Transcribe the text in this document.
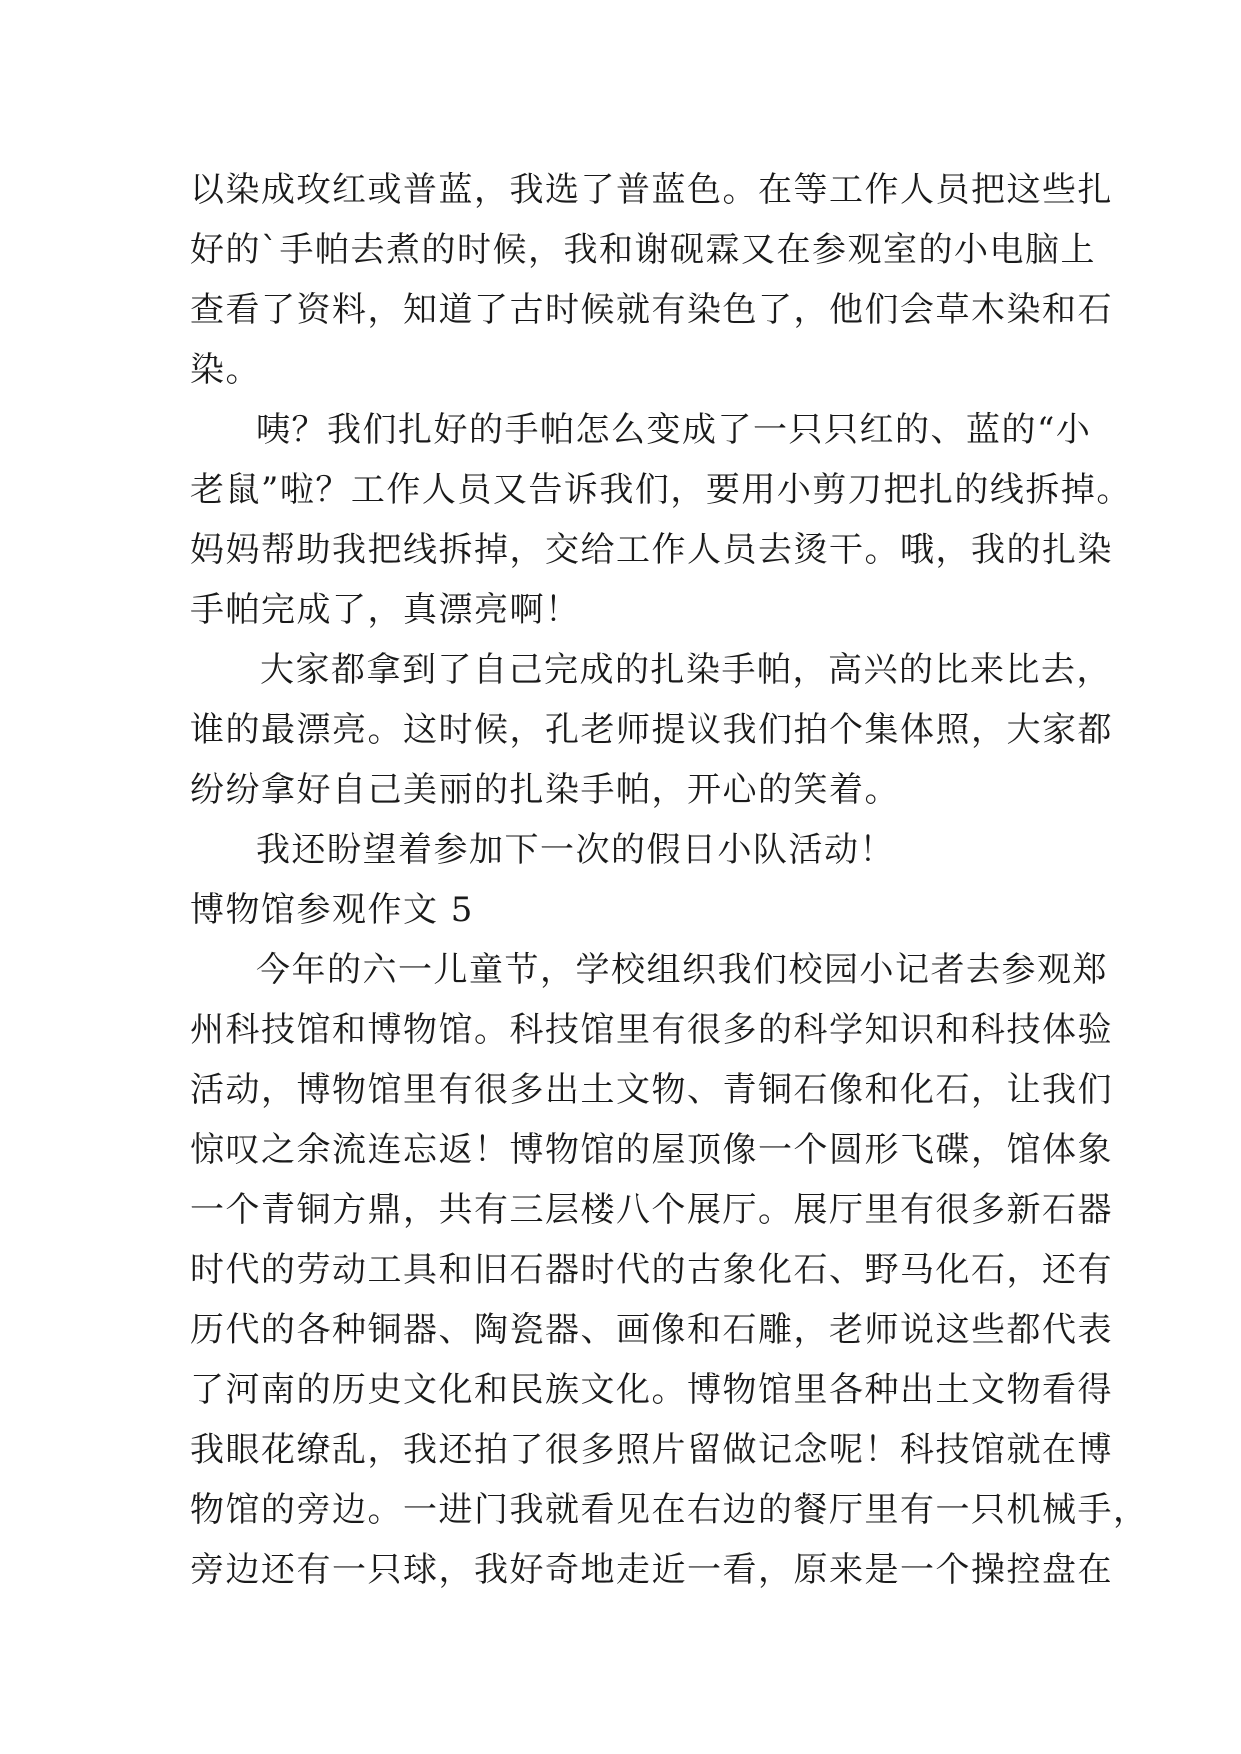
以染成玫红或普蓝，我选了普蓝色。在等工作人员把这些扎
好的`手帕去煮的时候，我和谢砚霖又在参观室的小电脑上
查看了资料，知道了古时候就有染色了，他们会草木染和石
染。
咦？我们扎好的手帕怎么变成了一只只红的、蓝的“小
老鼠”啦？工作人员又告诉我们，要用小剪刀把扎的线拆掉。
妈妈帮助我把线拆掉，交给工作人员去烫干。哦，我的扎染
手帕完成了，真漂亮啊！
大家都拿到了自己完成的扎染手帕，高兴的比来比去，
谁的最漂亮。这时候，孔老师提议我们拍个集体照，大家都
纷纷拿好自己美丽的扎染手帕，开心的笑着。
我还盼望着参加下一次的假日小队活动！
博物馆参观作文 5
今年的六一儿童节，学校组织我们校园小记者去参观郑
州科技馆和博物馆。科技馆里有很多的科学知识和科技体验
活动，博物馆里有很多出土文物、青铜石像和化石，让我们
惊叹之余流连忘返！博物馆的屋顶像一个圆形飞碟，馆体象
一个青铜方鼎，共有三层楼八个展厅。展厅里有很多新石器
时代的劳动工具和旧石器时代的古象化石、野马化石，还有
历代的各种铜器、陶瓷器、画像和石雕，老师说这些都代表
了河南的历史文化和民族文化。博物馆里各种出土文物看得
我眼花缭乱，我还拍了很多照片留做记念呢！科技馆就在博
物馆的旁边。一进门我就看见在右边的餐厅里有一只机械手，
旁边还有一只球，我好奇地走近一看，原来是一个操控盘在
